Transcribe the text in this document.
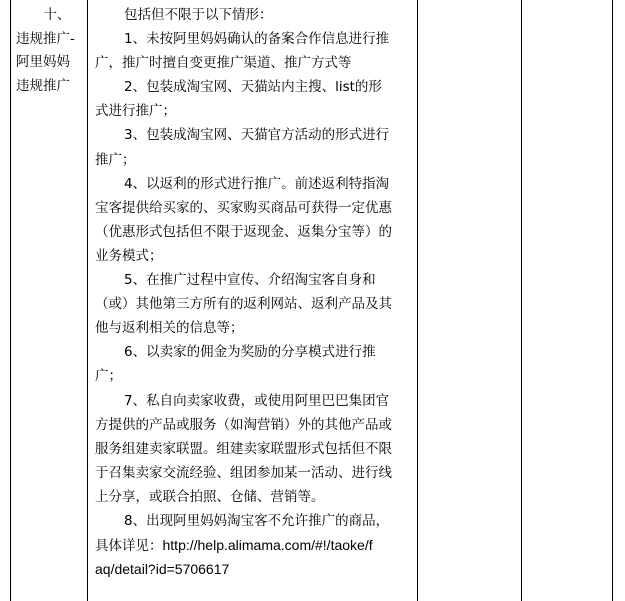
十、
违规推广-
阿里妈妈
违规推广
包括但不限于以下情形：
1、未按阿里妈妈确认的备案合作信息进行推
广，推广时擅自变更推广渠道、推广方式等
2、包装成淘宝网、天猫站内主搜、list的形
式进行推广；
3、包装成淘宝网、天猫官方活动的形式进行
推广；
4、以返利的形式进行推广。前述返利特指淘
宝客提供给买家的、买家购买商品可获得一定优惠
（优惠形式包括但不限于返现金、返集分宝等）的
业务模式；
5、在推广过程中宣传、介绍淘宝客自身和
（或）其他第三方所有的返利网站、返利产品及其
他与返利相关的信息等；
6、以卖家的佣金为奖励的分享模式进行推
广；
7、私自向卖家收费，或使用阿里巴巴集团官
方提供的产品或服务（如淘营销）外的其他产品或
服务组建卖家联盟。组建卖家联盟形式包括但不限
于召集卖家交流经验、组团参加某一活动、进行线
上分享，或联合拍照、仓储、营销等。
8、出现阿里妈妈淘宝客不允许推广的商品，
具体详见：http://help.alimama.com/#!/taoke/f
aq/detail?id=5706617
